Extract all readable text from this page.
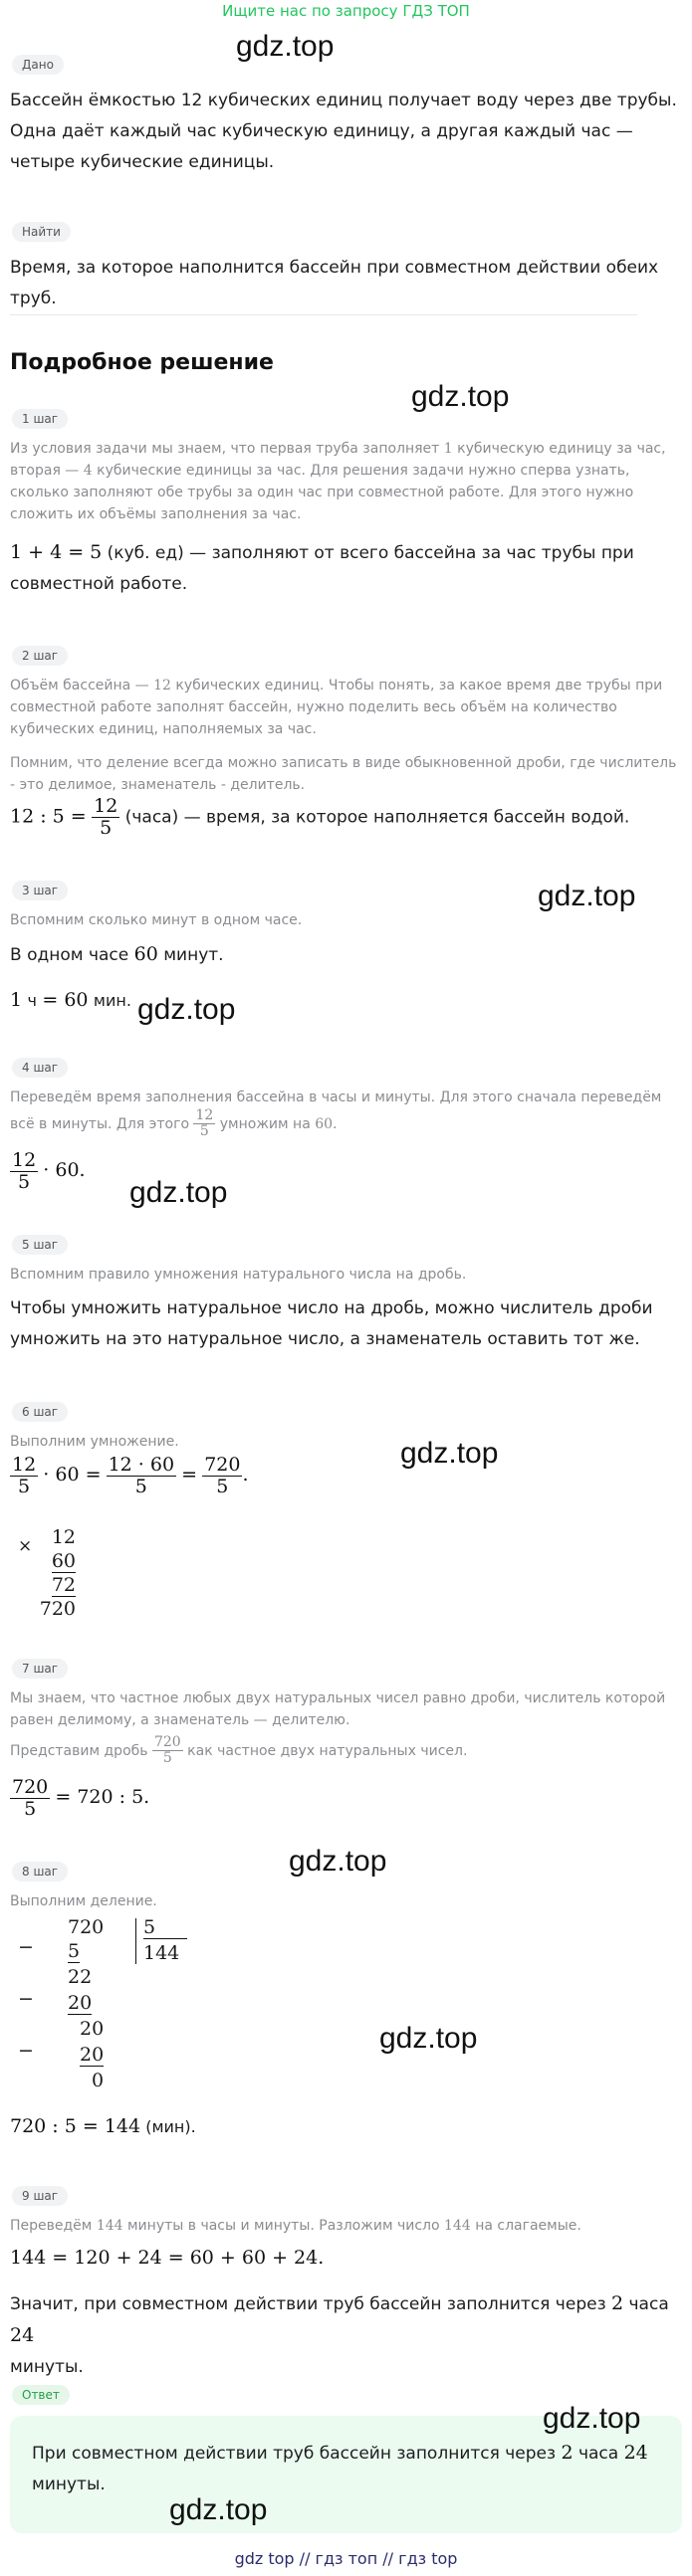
Ищите нас по запросу ГДЗ ТОП
Дано
Бассейн ёмкостью 12 кубических единиц получает воду через две трубы. Одна даёт каждый час кубическую единицу, а другая каждый час — четыре кубические единицы.
Найти
Время, за которое наполнится бассейн при совместном действии обеих труб.
Подробное решение
1 шаг
Из условия задачи мы знаем, что первая труба заполняет 1 кубическую единицу за час, вторая — 4 кубические единицы за час. Для решения задачи нужно сперва узнать, сколько заполняют обе трубы за один час при совместной работе. Для этого нужно сложить их объёмы заполнения за час.
1 + 4 = 5 (куб. ед) — заполняют от всего бассейна за час трубы при
совместной работе.
2 шаг
Объём бассейна — 12 кубических единиц. Чтобы понять, за какое время две трубы при совместной работе заполнят бассейн, нужно поделить весь объём на количество кубических единиц, наполняемых за час.
Помним, что деление всегда можно записать в виде обыкновенной дроби, где числитель - это делимое, знаменатель - делитель.
12 : $5 = \frac{12}{5}$ (часа) — время, за которое наполняется бассейн водой.
3 шаг
Вспомним сколько минут в одном часе.
В одном часе 60 минут.
1 ч = 60 мин.
4 шаг
Переведём время заполнения бассейна в часы и минуты. Для этого сначала переведём всё в минуты. Для этого $\frac{12}{5}$ умножим на 60.
$\frac{12}{5} \cdot 60$.
5 шаг
Вспомним правило умножения натурального числа на дробь.
Чтобы умножить натуральное число на дробь, можно числитель дроби умножить на это натуральное число, а знаменатель оставить тот же.
6 шаг
Выполним умножение.
$\frac{12}{5} \cdot 60 = \frac{12 \cdot 60}{5} = \frac{720}{5}$ .
× 12
60
72
720
7 шаг
Мы знаем, что частное любых двух натуральных чисел равно дроби, числитель которой равен делимому, а знаменатель — делителю.
Представим дробь $\frac{720}{5}$ как частное двух натуральных чисел.
$\frac{720}{5} = 720$ : 5.
8 шаг
Выполним деление.
−
−
−
720
5
22
20
20
20
0
5
144
720 : 5 = 144 (мин).
9 шаг
Переведём 144 минуты в часы и минуты. Разложим число 144 на слагаемые.
144 = 120 + 24 = 60 + 60 + 24.
Значит, при совместном действии труб бассейн заполнится через 2 часа 24
минуты.
Ответ
При совместном действии труб бассейн заполнится через 2 часа 24
минуты.
gdz.top
gdz.top
gdz.top
gdz.top
gdz.top
gdz.top
gdz.top
gdz.top
gdz.top
gdz.top
gdz top // гдз топ // гдз top
